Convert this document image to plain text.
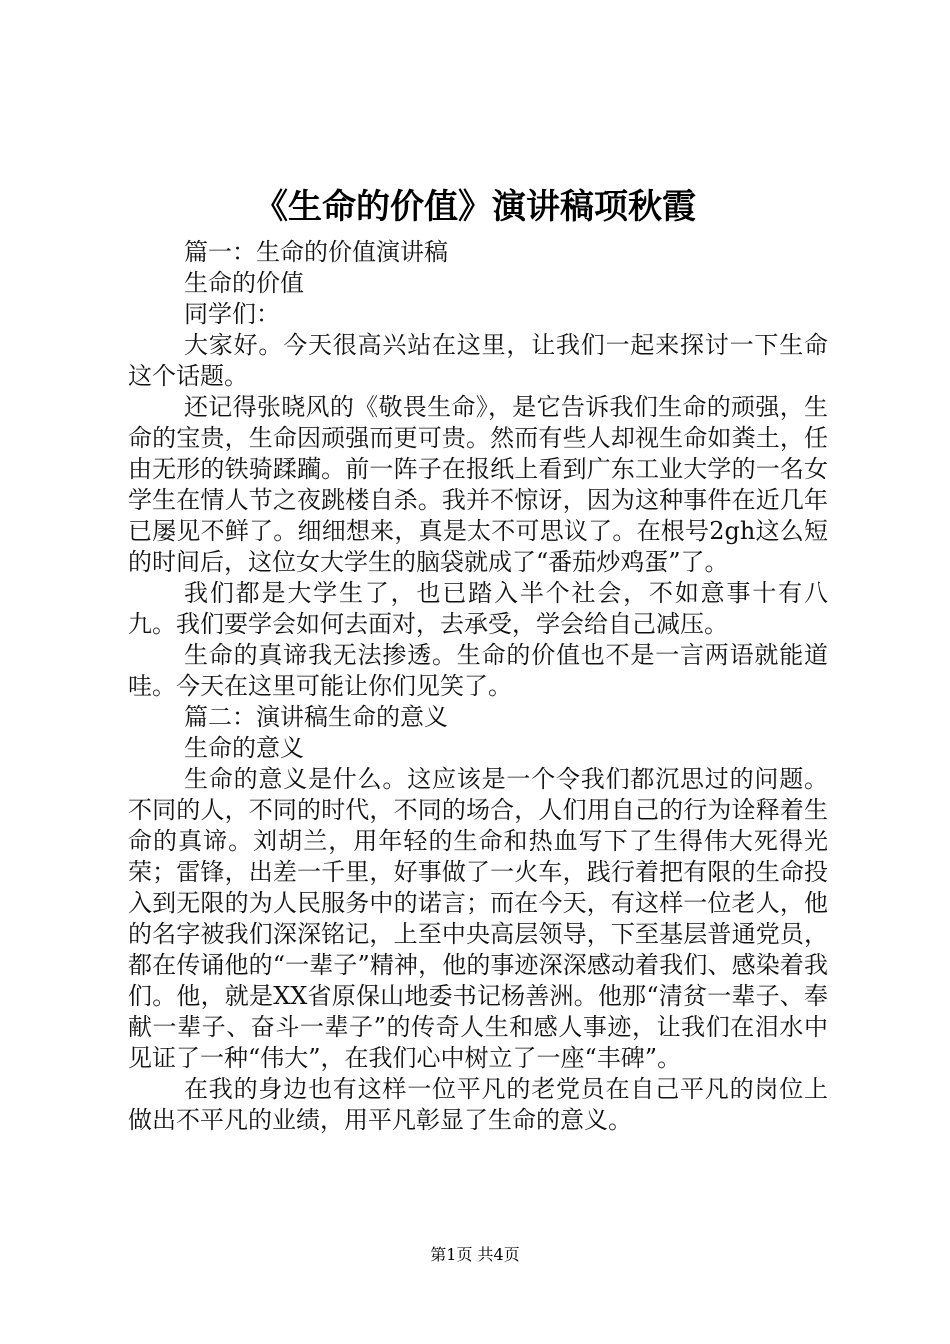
《生命的价值》演讲稿项秋霞

篇一：生命的价值演讲稿

生命的价值

同学们：

大家好。今天很高兴站在这里，让我们一起来探讨一下生命这个话题。

还记得张晓风的《敬畏生命》，是它告诉我们生命的顽强，生命的宝贵，生命因顽强而更可贵。然而有些人却视生命如粪土，任由无形的铁骑蹂躏。前一阵子在报纸上看到广东工业大学的一名女学生在情人节之夜跳楼自杀。我并不惊讶，因为这种事件在近几年已屡见不鲜了。细细想来，真是太不可思议了。在根号2gh这么短的时间后，这位女大学生的脑袋就成了“番茄炒鸡蛋”了。

我们都是大学生了，也已踏入半个社会，不如意事十有八九。我们要学会如何去面对，去承受，学会给自己减压。

生命的真谛我无法掺透。生命的价值也不是一言两语就能道哇。今天在这里可能让你们见笑了。

篇二：演讲稿生命的意义

生命的意义

生命的意义是什么。这应该是一个令我们都沉思过的问题。不同的人，不同的时代，不同的场合，人们用自己的行为诠释着生命的真谛。刘胡兰，用年轻的生命和热血写下了生得伟大死得光荣；雷锋，出差一千里，好事做了一火车，践行着把有限的生命投入到无限的为人民服务中的诺言；而在今天，有这样一位老人，他的名字被我们深深铭记，上至中央高层领导，下至基层普通党员，都在传诵他的“一辈子”精神，他的事迹深深感动着我们、感染着我们。他，就是XX省原保山地委书记杨善洲。他那“清贫一辈子、奉献一辈子、奋斗一辈子”的传奇人生和感人事迹，让我们在泪水中见证了一种“伟大”，在我们心中树立了一座“丰碑”。

在我的身边也有这样一位平凡的老党员在自己平凡的岗位上做出不平凡的业绩，用平凡彰显了生命的意义。

第1页 共4页
